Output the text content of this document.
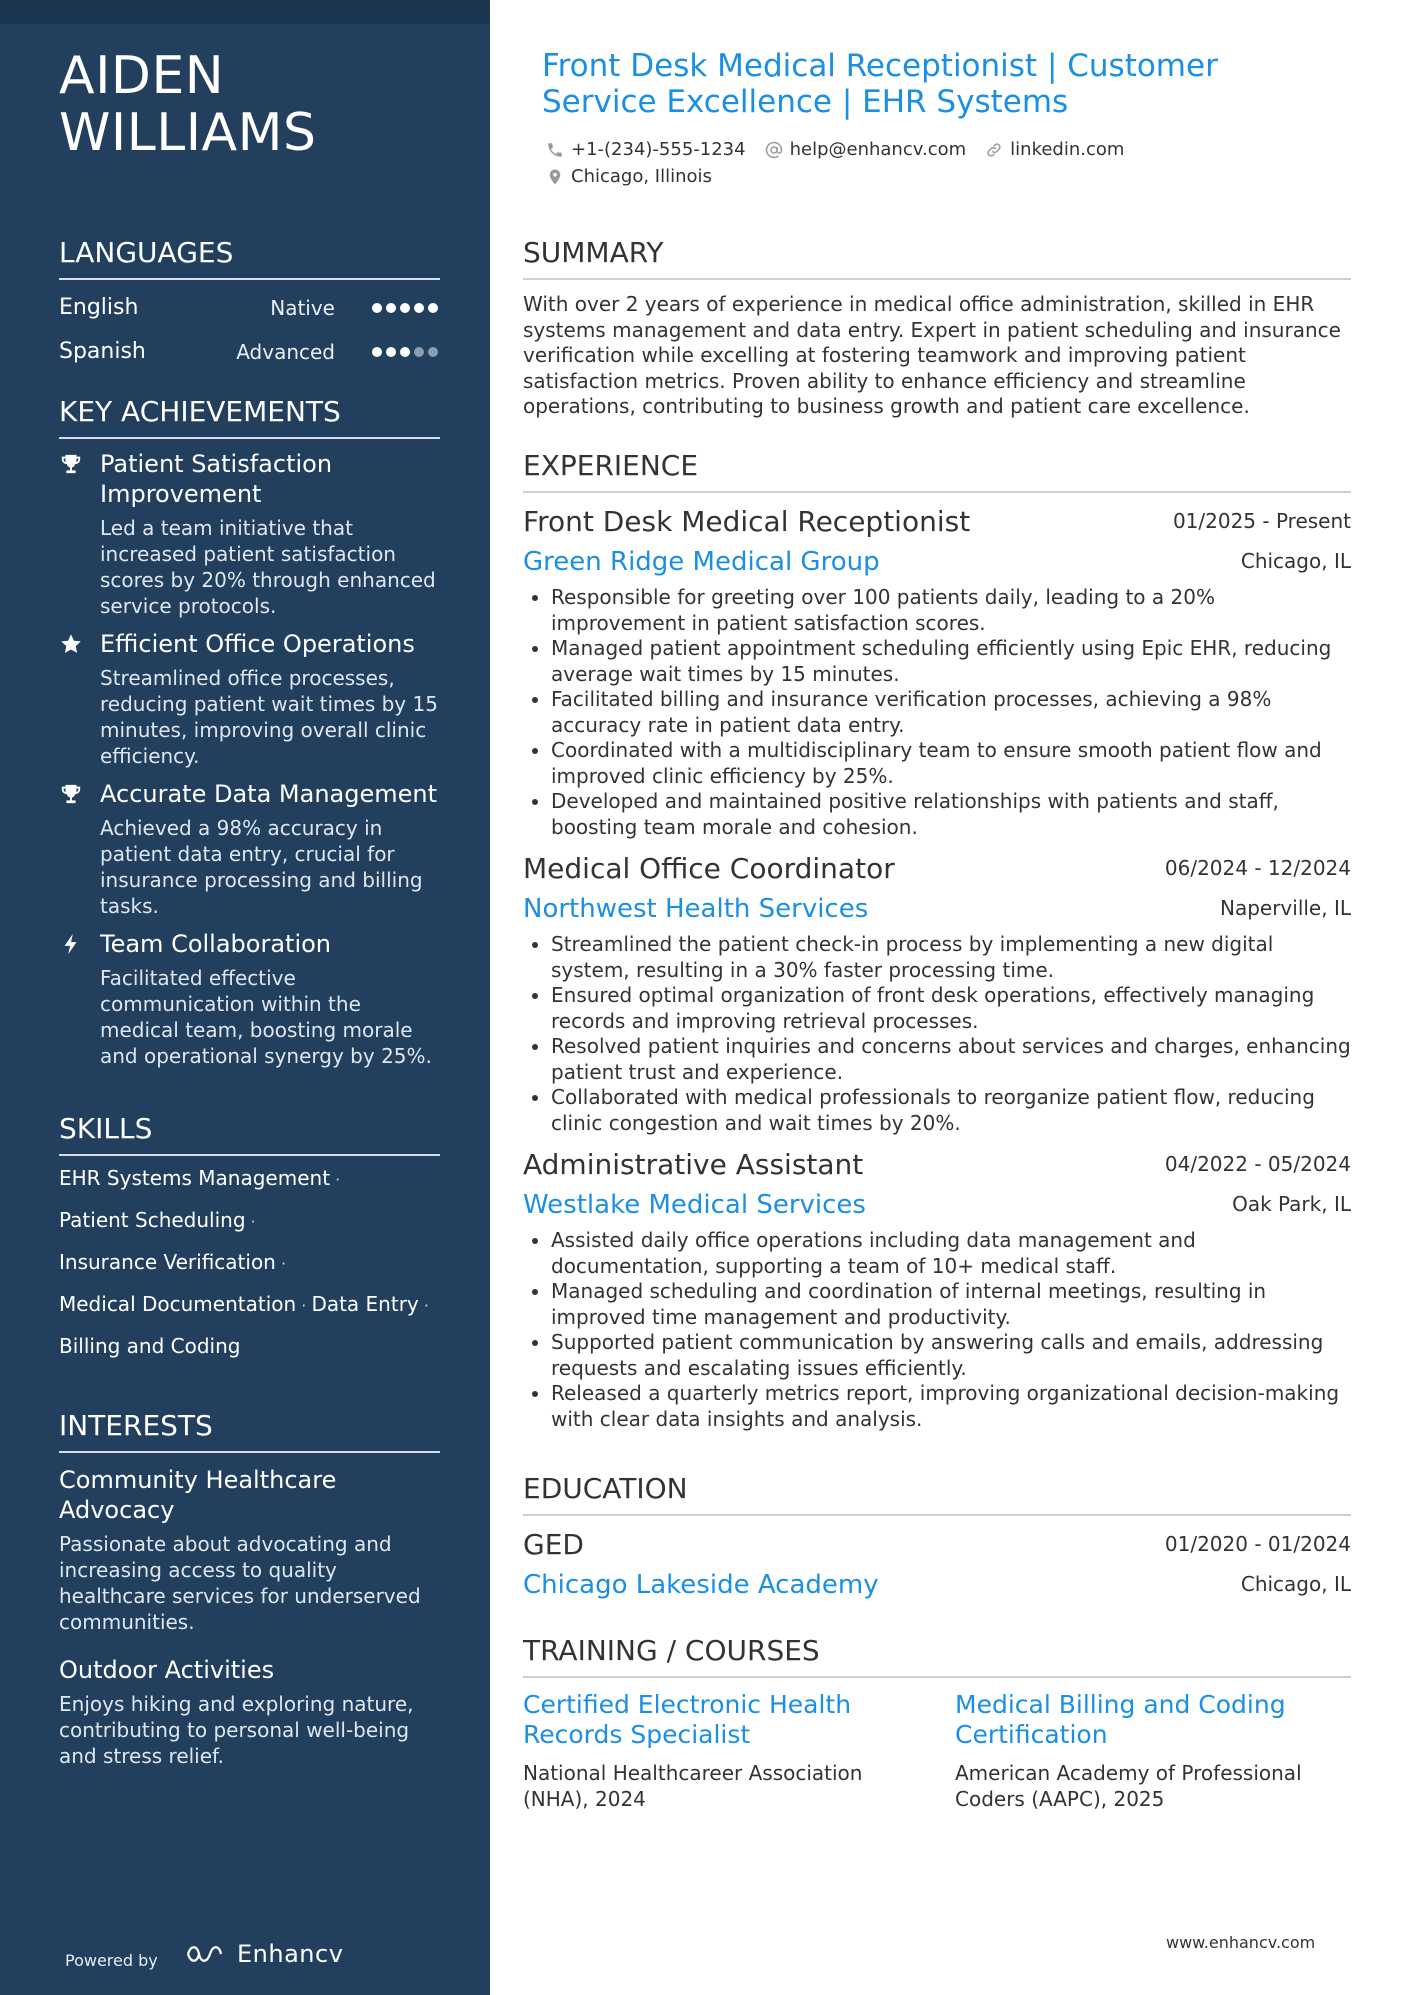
AIDEN WILLIAMS
LANGUAGES
English	Native
Spanish	Advanced
KEY ACHIEVEMENTS
Patient Satisfaction Improvement
Led a team initiative that increased patient satisfaction scores by 20% through enhanced service protocols.
Efficient Office Operations
Streamlined office processes, reducing patient wait times by 15 minutes, improving overall clinic efficiency.
Accurate Data Management
Achieved a 98% accuracy in patient data entry, crucial for insurance processing and billing tasks.
Team Collaboration
Facilitated effective communication within the medical team, boosting morale and operational synergy by 25%.
SKILLS
EHR Systems Management ·
Patient Scheduling ·
Insurance Verification ·
Medical Documentation · Data Entry ·
Billing and Coding
INTERESTS
Community Healthcare Advocacy
Passionate about advocating and increasing access to quality healthcare services for underserved communities.
Outdoor Activities
Enjoys hiking and exploring nature, contributing to personal well-being and stress relief.
Powered by	Enhancv
Front Desk Medical Receptionist | Customer Service Excellence | EHR Systems
+1-(234)-555-1234 help@enhancv.com linkedin.com
Chicago, Illinois
SUMMARY

With over 2 years of experience in medical office administration, skilled in EHR systems management and data entry. Expert in patient scheduling and insurance verification while excelling at fostering teamwork and improving patient satisfaction metrics. Proven ability to enhance efficiency and streamline operations, contributing to business growth and patient care excellence.

EXPERIENCE
Front Desk Medical Receptionist	01/2025 - Present
Green Ridge Medical Group	Chicago, IL
• Responsible for greeting over 100 patients daily, leading to a 20% improvement in patient satisfaction scores.
• Managed patient appointment scheduling efficiently using Epic EHR, reducing average wait times by 15 minutes.
• Facilitated billing and insurance verification processes, achieving a 98% accuracy rate in patient data entry.
• Coordinated with a multidisciplinary team to ensure smooth patient flow and improved clinic efficiency by 25%.
• Developed and maintained positive relationships with patients and staff, boosting team morale and cohesion.
Medical Office Coordinator	06/2024 - 12/2024
Northwest Health Services	Naperville, IL
• Streamlined the patient check-in process by implementing a new digital system, resulting in a 30% faster processing time.
• Ensured optimal organization of front desk operations, effectively managing records and improving retrieval processes.
• Resolved patient inquiries and concerns about services and charges, enhancing patient trust and experience.
• Collaborated with medical professionals to reorganize patient flow, reducing clinic congestion and wait times by 20%.
Administrative Assistant	04/2022 - 05/2024
Westlake Medical Services	Oak Park, IL
• Assisted daily office operations including data management and documentation, supporting a team of 10+ medical staff.
• Managed scheduling and coordination of internal meetings, resulting in improved time management and productivity.
• Supported patient communication by answering calls and emails, addressing requests and escalating issues efficiently.
• Released a quarterly metrics report, improving organizational decision-making with clear data insights and analysis.
EDUCATION
GED	01/2020 - 01/2024
Chicago Lakeside Academy	Chicago, IL
TRAINING / COURSES
Certified Electronic Health Records Specialist
National Healthcareer Association (NHA), 2024
Medical Billing and Coding Certification
American Academy of Professional Coders (AAPC), 2025
www.enhancv.com
